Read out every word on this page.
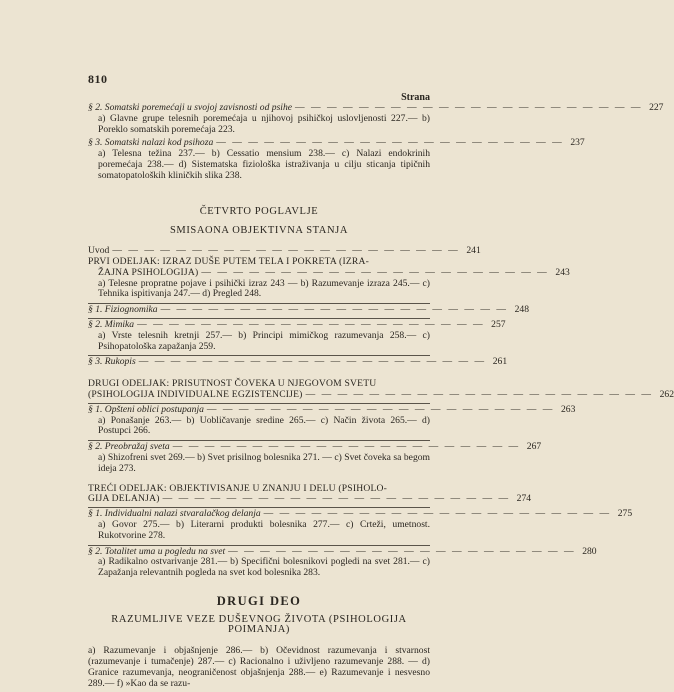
810
Strana
§ 2. Somatski poremećaji u svojoj zavisnosti od psihe — — — — — — — — — — — — — — — — — — — — — — 227
a) Glavne grupe telesnih poremećaja u njihovoj psihičkoj uslovljenosti 227.— b) Poreklo somatskih poremećaja 223.
§ 3. Somatski nalazi kod psihoza — — — — — — — — — — — — — — — — — — — — — — 237
a) Telesna težina 237.— b) Cessatio mensium 238.— c) Nalazi endokrinih poremećaja 238.— d) Sistematska fiziološka istraživanja u cilju sticanja tipičnih somatopatoloških kliničkih slika 238.
ČETVRTO POGLAVLJE
SMISAONA OBJEKTIVNA STANJA
Uvod — — — — — — — — — — — — — — — — — — — — — — 241
PRVI ODELJAK: IZRAZ DUŠE PUTEM TELA I POKRETA (IZRA-
ŽAJNA PSIHOLOGIJA) — — — — — — — — — — — — — — — — — — — — — — 243
a) Telesne propratne pojave i psihički izraz 243 — b) Razumevanje izraza 245.— c) Tehnika ispitivanja 247.— d) Pregled 248.
§ 1. Fiziognomika — — — — — — — — — — — — — — — — — — — — — — 248
§ 2. Mimika — — — — — — — — — — — — — — — — — — — — — — 257
a) Vrste telesnih kretnji 257.— b) Principi mimičkog razumevanja 258.— c) Psihopatološka zapažanja 259.
§ 3. Rukopis — — — — — — — — — — — — — — — — — — — — — — 261
DRUGI ODELJAK: PRISUTNOST ČOVEKA U NJEGOVOM SVETU
(PSIHOLOGIJA INDIVIDUALNE EGZISTENCIJE) — — — — — — — — — — — — — — — — — — — — — — 262
§ 1. Opšteni oblici postupanja — — — — — — — — — — — — — — — — — — — — — — 263
a) Ponašanje 263.— b) Uobličavanje sredine 265.— c) Način života 265.— d) Postupci 266.
§ 2. Preobražaj sveta — — — — — — — — — — — — — — — — — — — — — — 267
a) Shizofreni svet 269.— b) Svet prisilnog bolesnika 271. — c) Svet čoveka sa begom ideja 273.
TREĆI ODELJAK: OBJEKTIVISANJE U ZNANJU I DELU (PSIHOLO-
GIJA DELANJA) — — — — — — — — — — — — — — — — — — — — — — 274
§ 1. Individualni nalazi stvaralačkog delanja — — — — — — — — — — — — — — — — — — — — — — 275
a) Govor 275.— b) Literarni produkti bolesnika 277.— c) Crteži, umetnost. Rukotvorine 278.
§ 2. Totalitet uma u pogledu na svet — — — — — — — — — — — — — — — — — — — — — — 280
a) Radikalno ostvarivanje 281.— b) Specifični bolesnikovi pogledi na svet 281.— c) Zapažanja relevantnih pogleda na svet kod bolesnika 283.
DRUGI DEO
RAZUMLJIVE VEZE DUŠEVNOG ŽIVOTA (PSIHOLOGIJA
POIMANJA)
a) Razumevanje i objašnjenje 286.— b) Očevidnost razumevanja i stvarnost (razumevanje i tumačenje) 287.— c) Racionalno i uživljeno razumevanje 288. — d) Granice razumevanja, neograničenost objašnjenja 288.— e) Razumevanje i nesvesno 289.— f) »Kao da se razu-
